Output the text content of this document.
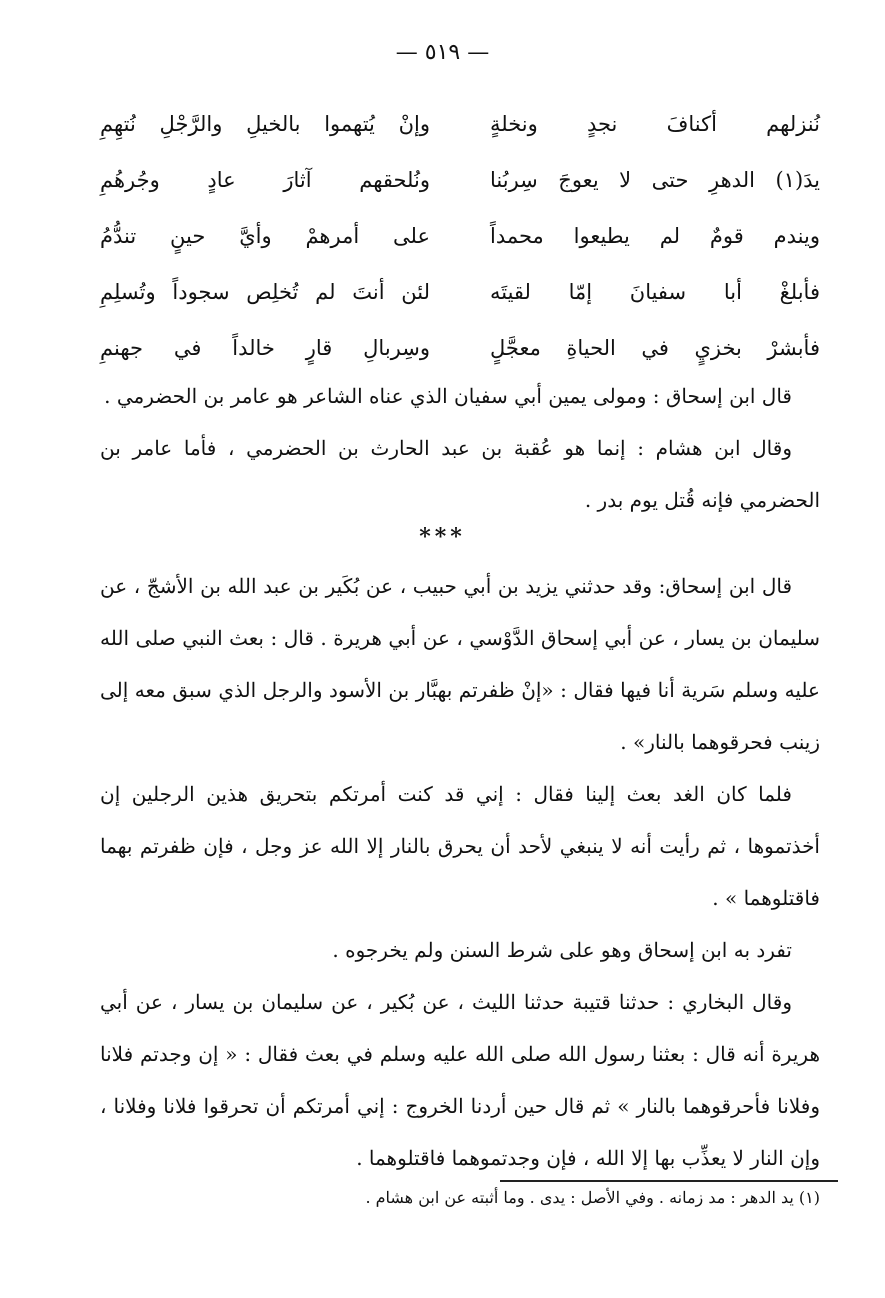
— ٥١٩ —
نُنزلهم أكنافَ نجدٍ ونخلةٍ
وإنْ يُتهموا بالخيلِ والرَّجْلِ نُتهِمِ
يدَ(١) الدهرِ حتى لا يعوجَ سِربُنا
ونُلحقهم آثارَ عادٍ وجُرهُمِ
ويندم قومٌ لم يطيعوا محمداً
على أمرهمْ وأيَّ حينٍ تندُّمُ
فأبلغْ أبا سفيانَ إمّا لقيتَه
لئن أنتَ لم تُخلِص سجوداً وتُسلِمِ
فأبشرْ بخزيٍ في الحياةِ معجَّلٍ
وسِربالِ قارٍ خالداً في جهنمِ

قال ابن إسحاق : ومولى يمين أبي سفيان الذي عناه الشاعر هو عامر بن الحضرمي .

وقال ابن هشام : إنما هو عُقبة بن عبد الحارث بن الحضرمي ، فأما عامر بن الحضرمي فإنه قُتل يوم بدر .

***

قال ابن إسحاق: وقد حدثني يزيد بن أبي حبيب ، عن بُكَير بن عبد الله بن الأشجّ ، عن سليمان بن يسار ، عن أبي إسحاق الدَّوْسي ، عن أبي هريرة . قال : بعث النبي صلى الله عليه وسلم سَرية أنا فيها فقال : «إنْ ظفرتم بهبَّار بن الأسود والرجل الذي سبق معه إلى زينب فحرقوهما بالنار» .

فلما كان الغد بعث إلينا فقال : إني قد كنت أمرتكم بتحريق هذين الرجلين إن أخذتموها ، ثم رأيت أنه لا ينبغي لأحد أن يحرق بالنار إلا الله عز وجل ، فإن ظفرتم بهما فاقتلوهما » .

تفرد به ابن إسحاق وهو على شرط السنن ولم يخرجوه .

وقال البخاري : حدثنا قتيبة حدثنا الليث ، عن بُكير ، عن سليمان بن يسار ، عن أبي هريرة أنه قال : بعثنا رسول الله صلى الله عليه وسلم في بعث فقال : « إن وجدتم فلانا وفلانا فأحرقوهما بالنار » ثم قال حين أردنا الخروج : إني أمرتكم أن تحرقوا فلانا وفلانا ، وإن النار لا يعذِّب بها إلا الله ، فإن وجدتموهما فاقتلوهما .

(١) يد الدهر : مد زمانه . وفي الأصل : يدى . وما أثبته عن ابن هشام .
